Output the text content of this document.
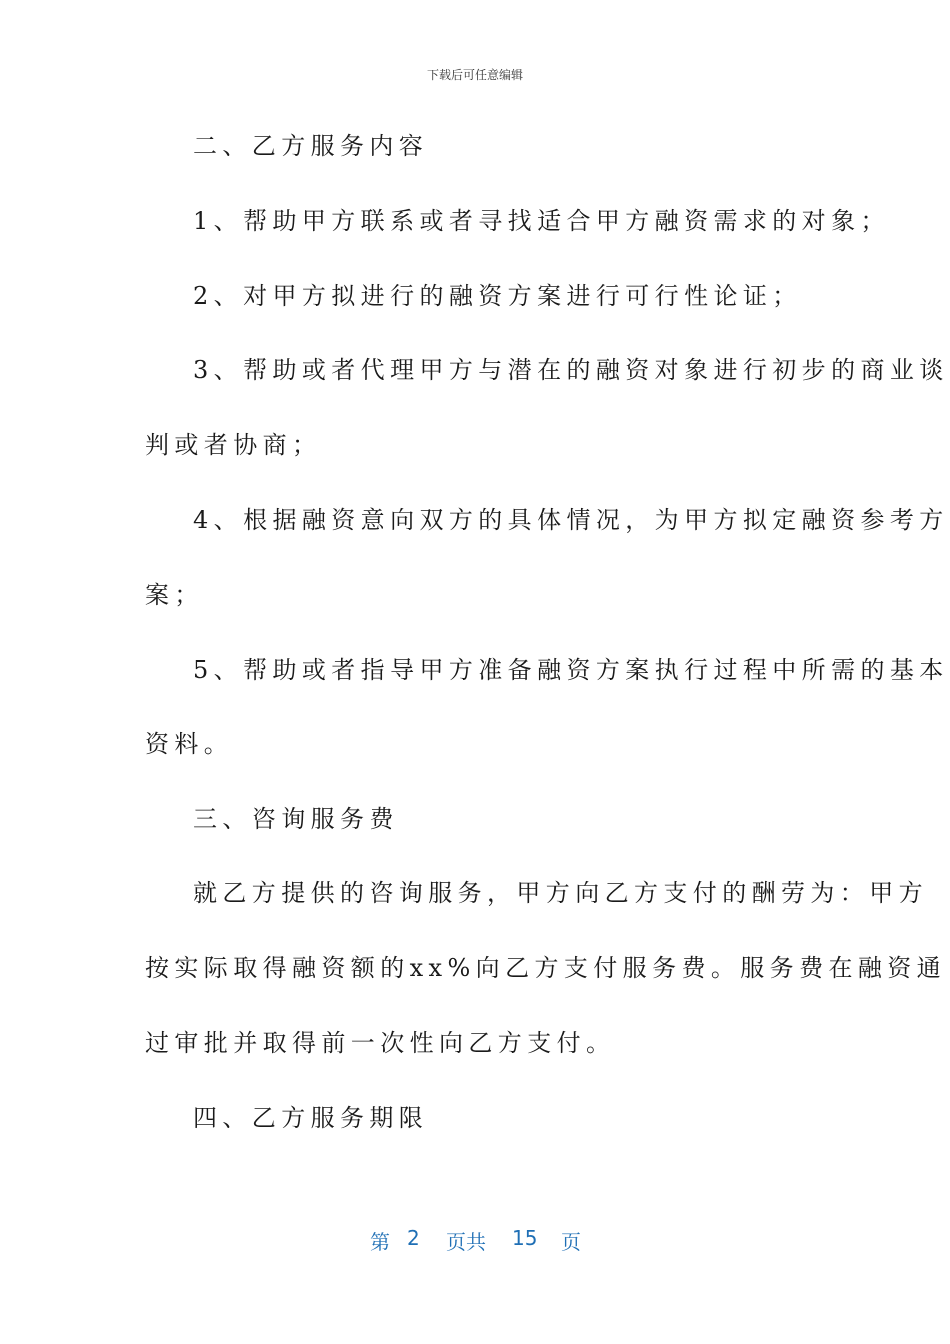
下载后可任意编辑
二、乙方服务内容
1、帮助甲方联系或者寻找适合甲方融资需求的对象；
2、对甲方拟进行的融资方案进行可行性论证；
3、帮助或者代理甲方与潜在的融资对象进行初步的商业谈
判或者协商；
4、根据融资意向双方的具体情况，为甲方拟定融资参考方
案；
5、帮助或者指导甲方准备融资方案执行过程中所需的基本
资料。
三、咨询服务费
就乙方提供的咨询服务，甲方向乙方支付的酬劳为：甲方
按实际取得融资额的xx%向乙方支付服务费。服务费在融资通
过审批并取得前一次性向乙方支付。
四、乙方服务期限
第 2 页共 15 页
